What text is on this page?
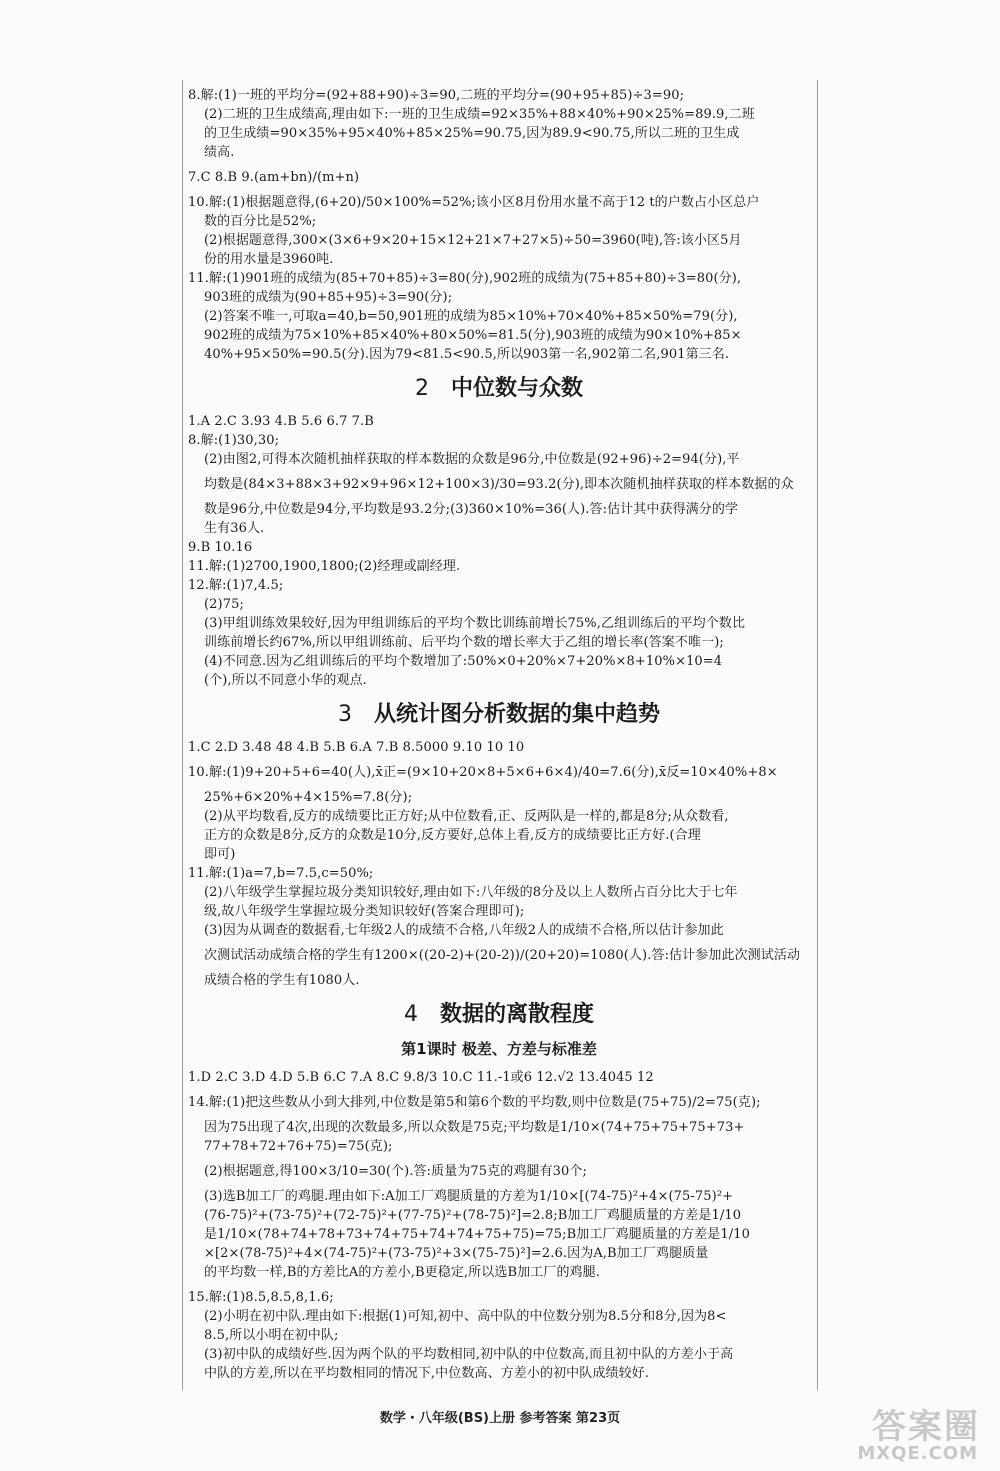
8.解:(1)一班的平均分=(92+88+90)÷3=90,二班的平均分=(90+95+85)÷3=90;
(2)二班的卫生成绩高,理由如下:一班的卫生成绩=92×35%+88×40%+90×25%=89.9,二班
的卫生成绩=90×35%+95×40%+85×25%=90.75,因为89.9<90.75,所以二班的卫生成
绩高.
7.C 8.B 9.(am+bn)/(m+n)
10.解:(1)根据题意得,(6+20)/50×100%=52%;该小区8月份用水量不高于12 t的户数占小区总户
数的百分比是52%;
(2)根据题意得,300×(3×6+9×20+15×12+21×7+27×5)÷50=3960(吨),答:该小区5月
份的用水量是3960吨.
11.解:(1)901班的成绩为(85+70+85)÷3=80(分),902班的成绩为(75+85+80)÷3=80(分),
903班的成绩为(90+85+95)÷3=90(分);
(2)答案不唯一,可取a=40,b=50,901班的成绩为85×10%+70×40%+85×50%=79(分),
902班的成绩为75×10%+85×40%+80×50%=81.5(分),903班的成绩为90×10%+85×
40%+95×50%=90.5(分).因为79<81.5<90.5,所以903第一名,902第二名,901第三名.
2 中位数与众数
1.A 2.C 3.93 4.B 5.6 6.7 7.B
8.解:(1)30,30;
(2)由图2,可得本次随机抽样获取的样本数据的众数是96分,中位数是(92+96)÷2=94(分),平
均数是(84×3+88×3+92×9+96×12+100×3)/30=93.2(分),即本次随机抽样获取的样本数据的众
数是96分,中位数是94分,平均数是93.2分;(3)360×10%=36(人).答:估计其中获得满分的学
生有36人.
9.B 10.16
11.解:(1)2700,1900,1800;(2)经理或副经理.
12.解:(1)7,4.5;
(2)75;
(3)甲组训练效果较好,因为甲组训练后的平均个数比训练前增长75%,乙组训练后的平均个数比
训练前增长约67%,所以甲组训练前、后平均个数的增长率大于乙组的增长率(答案不唯一);
(4)不同意.因为乙组训练后的平均个数增加了:50%×0+20%×7+20%×8+10%×10=4
(个),所以不同意小华的观点.
3 从统计图分析数据的集中趋势
1.C 2.D 3.48 48 4.B 5.B 6.A 7.B 8.5000 9.10 10 10
10.解:(1)9+20+5+6=40(人),x̄正=(9×10+20×8+5×6+6×4)/40=7.6(分),x̄反=10×40%+8×
25%+6×20%+4×15%=7.8(分);
(2)从平均数看,反方的成绩要比正方好;从中位数看,正、反两队是一样的,都是8分;从众数看,
正方的众数是8分,反方的众数是10分,反方要好,总体上看,反方的成绩要比正方好.(合理
即可)
11.解:(1)a=7,b=7.5,c=50%;
(2)八年级学生掌握垃圾分类知识较好,理由如下:八年级的8分及以上人数所占百分比大于七年
级,故八年级学生掌握垃圾分类知识较好(答案合理即可);
(3)因为从调查的数据看,七年级2人的成绩不合格,八年级2人的成绩不合格,所以估计参加此
次测试活动成绩合格的学生有1200×((20-2)+(20-2))/(20+20)=1080(人).答:估计参加此次测试活动
成绩合格的学生有1080人.
4 数据的离散程度
第1课时 极差、方差与标准差
1.D 2.C 3.D 4.D 5.B 6.C 7.A 8.C 9.8/3 10.C 11.-1或6 12.√2 13.4045 12
14.解:(1)把这些数从小到大排列,中位数是第5和第6个数的平均数,则中位数是(75+75)/2=75(克);
因为75出现了4次,出现的次数最多,所以众数是75克;平均数是1/10×(74+75+75+75+73+
77+78+72+76+75)=75(克);
(2)根据题意,得100×3/10=30(个).答:质量为75克的鸡腿有30个;
(3)选B加工厂的鸡腿.理由如下:A加工厂鸡腿质量的方差为1/10×[(74-75)²+4×(75-75)²+
(76-75)²+(73-75)²+(72-75)²+(77-75)²+(78-75)²]=2.8;B加工厂鸡腿质量的方差是1/10
是1/10×(78+74+78+73+74+75+74+74+75+75)=75;B加工厂鸡腿质量的方差是1/10
×[2×(78-75)²+4×(74-75)²+(73-75)²+3×(75-75)²]=2.6.因为A,B加工厂鸡腿质量
的平均数一样,B的方差比A的方差小,B更稳定,所以选B加工厂的鸡腿.
15.解:(1)8.5,8.5,8,1.6;
(2)小明在初中队.理由如下:根据(1)可知,初中、高中队的中位数分别为8.5分和8分,因为8<
8.5,所以小明在初中队;
(3)初中队的成绩好些.因为两个队的平均数相同,初中队的中位数高,而且初中队的方差小于高
中队的方差,所以在平均数相同的情况下,中位数高、方差小的初中队成绩较好.
数学・八年级(BS)上册 参考答案 第23页	答案圈
MXQE.COM
